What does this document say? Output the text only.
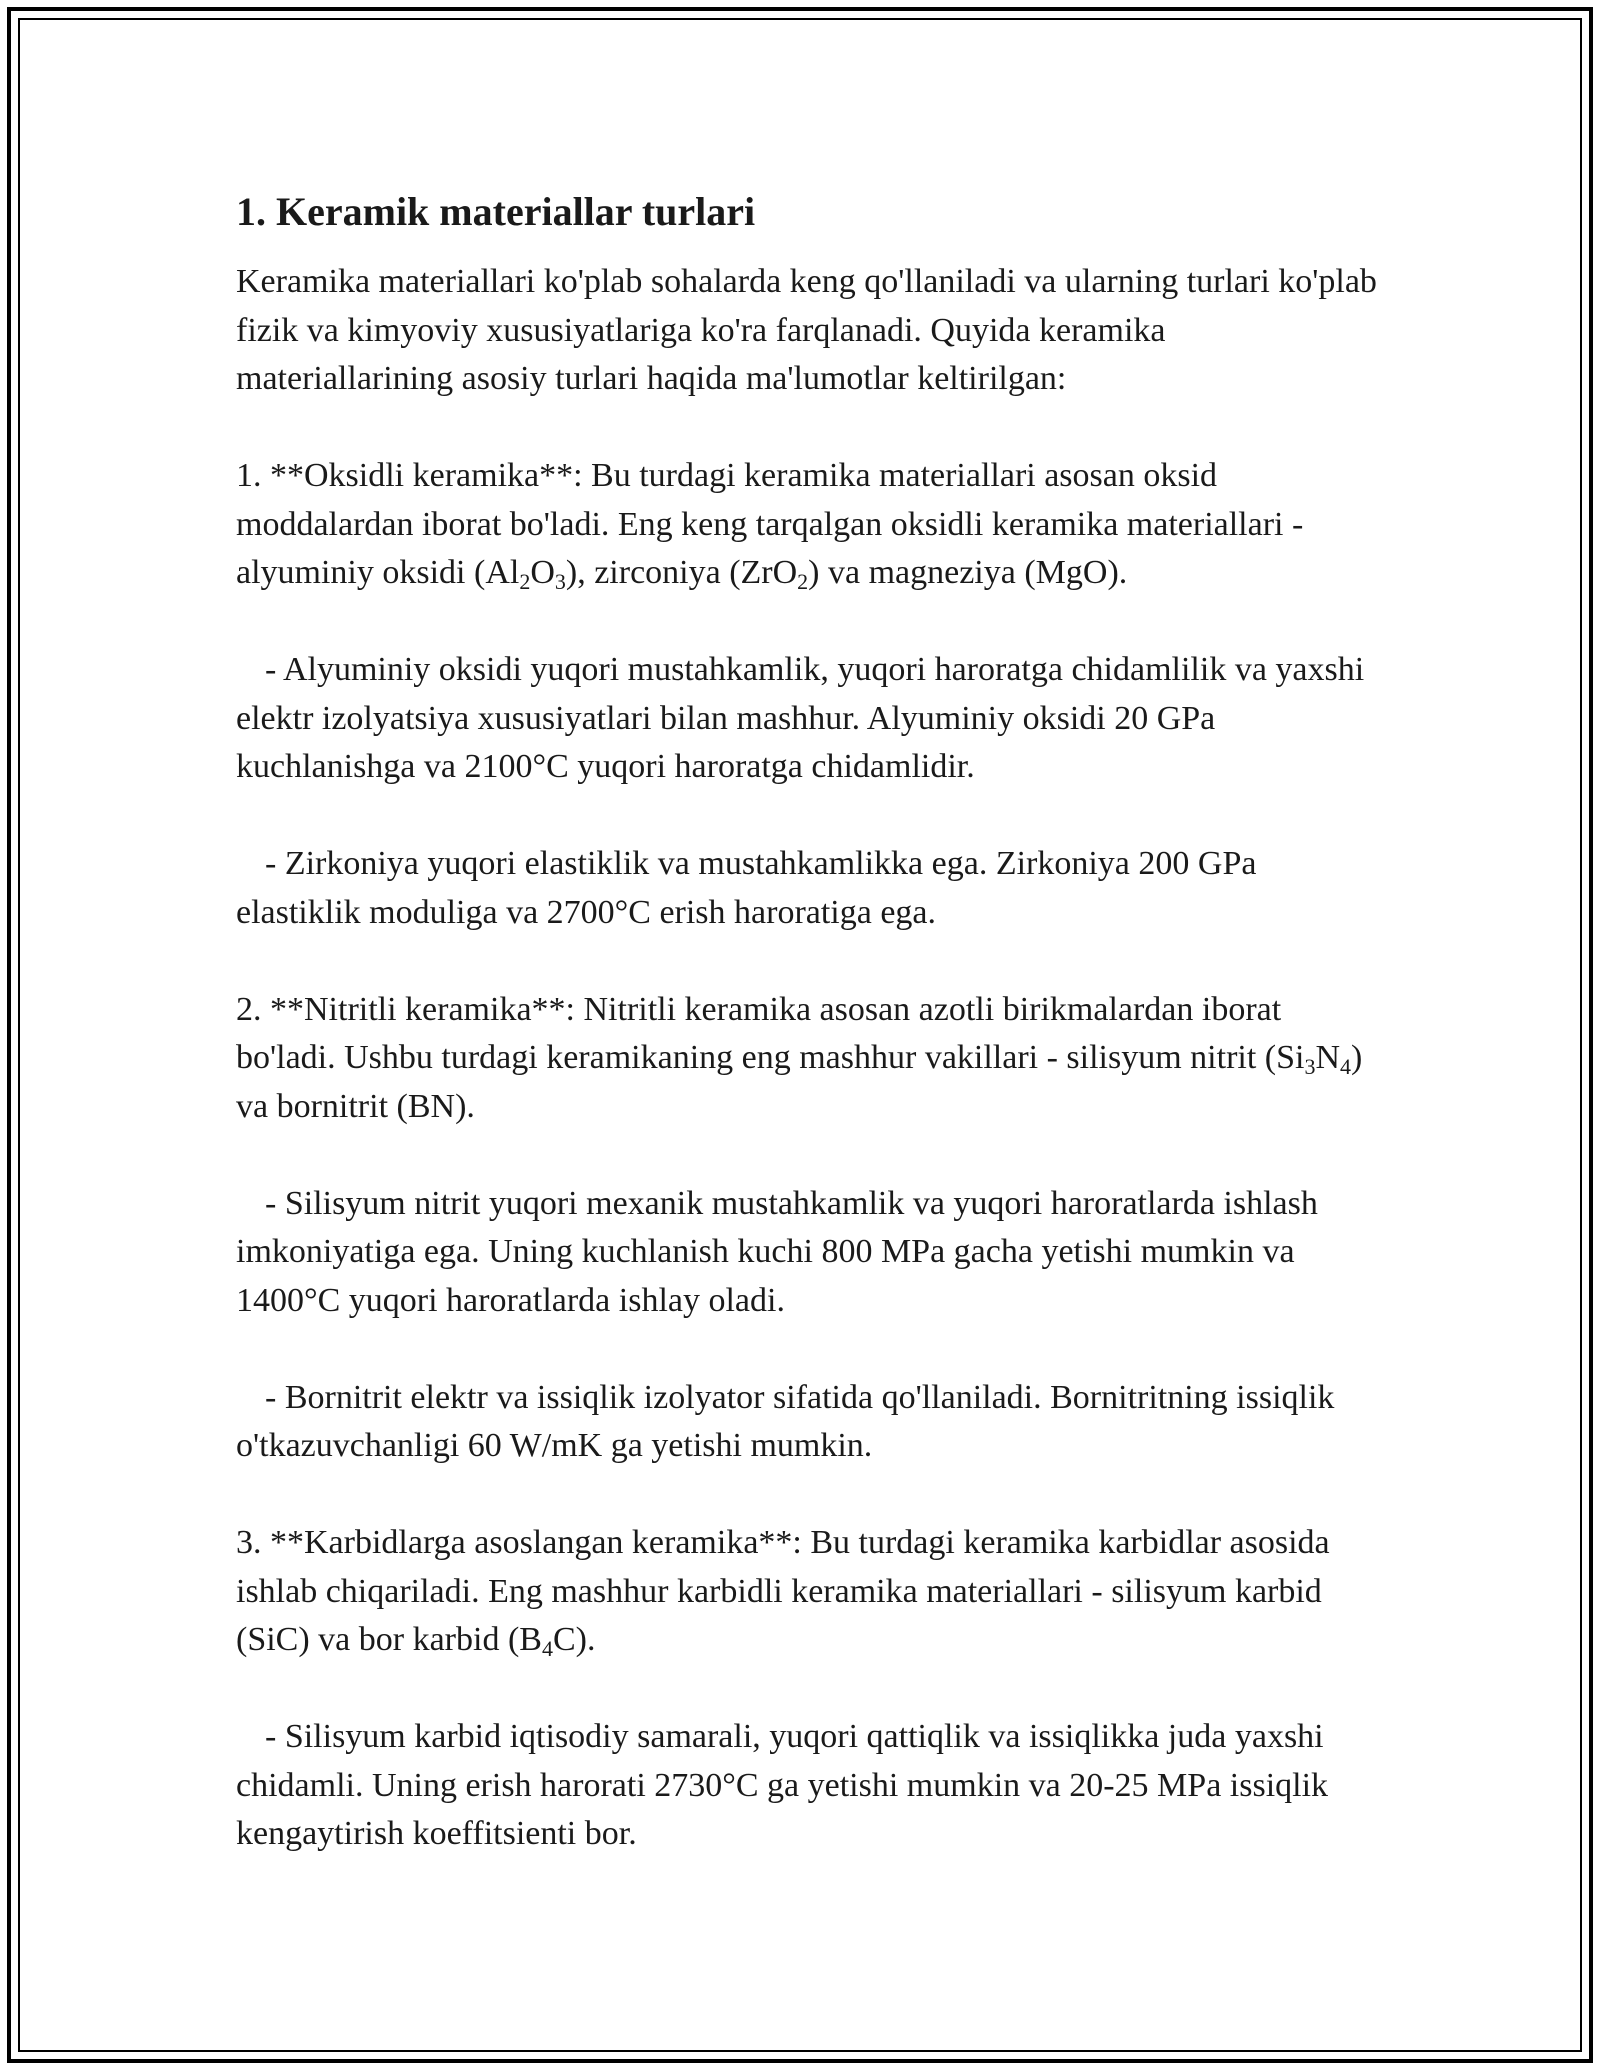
1. Keramik materiallar turlari

Keramika materiallari ko'plab sohalarda keng qo'llaniladi va ularning turlari ko'plab fizik va kimyoviy xususiyatlariga ko'ra farqlanadi. Quyida keramika materiallarining asosiy turlari haqida ma'lumotlar keltirilgan:

1. **Oksidli keramika**: Bu turdagi keramika materiallari asosan oksid moddalardan iborat bo'ladi. Eng keng tarqalgan oksidli keramika materiallari - alyuminiy oksidi $(Al_2O_3)$, zirconiya (ZrO$_2$) va magneziya (MgO).

- Alyuminiy oksidi yuqori mustahkamlik, yuqori haroratga chidamlilik va yaxshi elektr izolyatsiya xususiyatlari bilan mashhur. Alyuminiy oksidi 20 GPa kuchlanishga va 2100°C yuqori haroratga chidamlidir.

- Zirkoniya yuqori elastiklik va mustahkamlikka ega. Zirkoniya 200 GPa elastiklik moduliga va 2700°C erish haroratiga ega.

2. **Nitritli keramika**: Nitritli keramika asosan azotli birikmalardan iborat bo'ladi. Ushbu turdagi keramikaning eng mashhur vakillari - silisyum nitrit $(Si_3N_4)$ va bornitrit (BN).

- Silisyum nitrit yuqori mexanik mustahkamlik va yuqori haroratlarda ishlash imkoniyatiga ega. Uning kuchlanish kuchi 800 MPa gacha yetishi mumkin va 1400°C yuqori haroratlarda ishlay oladi.

- Bornitrit elektr va issiqlik izolyator sifatida qo'llaniladi. Bornitritning issiqlik o'tkazuvchanligi 60 W/mK ga yetishi mumkin.

3. **Karbidlarga asoslangan keramika**: Bu turdagi keramika karbidlar asosida ishlab chiqariladi. Eng mashhur karbidli keramika materiallari - silisyum karbid (SiC) va bor karbid $(B_4C)$.

- Silisyum karbid iqtisodiy samarali, yuqori qattiqlik va issiqlikka juda yaxshi chidamli. Uning erish harorati 2730°C ga yetishi mumkin va 20-25 MPa issiqlik kengaytirish koeffitsienti bor.
